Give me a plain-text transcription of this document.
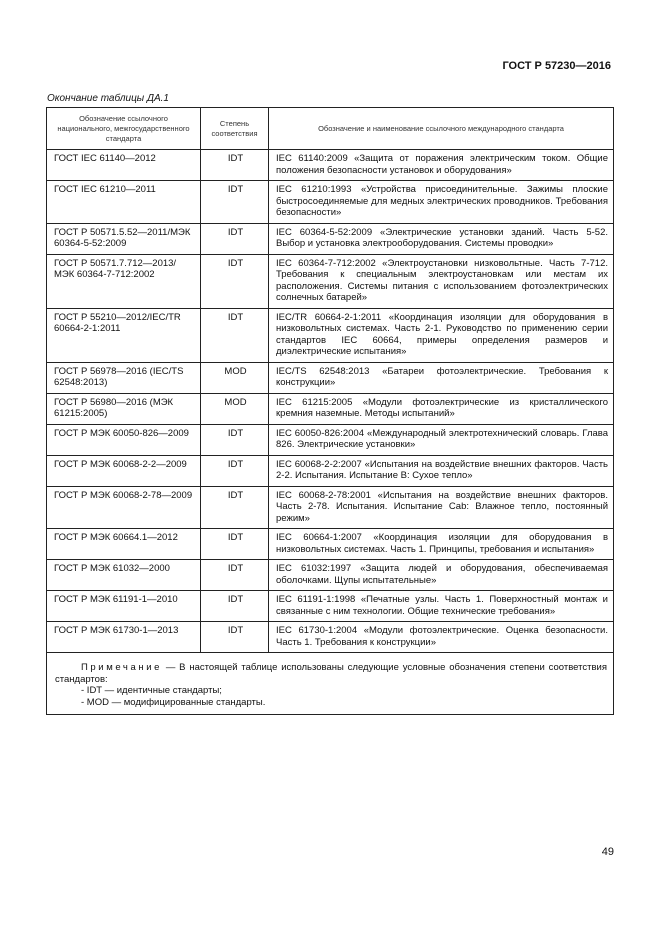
ГОСТ Р 57230—2016

Окончание таблицы ДА.1

Обозначение ссылочного национального, межгосударственного стандарта	Степень соответствия	Обозначение и наименование ссылочного международного стандарта
ГОСТ IEC 61140—2012	IDT	IEC 61140:2009 «Защита от поражения электрическим током. Общие положения безопасности установок и оборудования»
ГОСТ IEC 61210—2011	IDT	IEC 61210:1993 «Устройства присоединительные. Зажимы плоские быстросоединяемые для медных электрических проводников. Требования безопасности»
ГОСТ Р 50571.5.52—2011/МЭК 60364-5-52:2009	IDT	IEC 60364-5-52:2009 «Электрические установки зданий. Часть 5-52. Выбор и установка электрооборудования. Системы проводки»
ГОСТ Р 50571.7.712—2013/ МЭК 60364-7-712:2002	IDT	IEC 60364-7-712:2002 «Электроустановки низковольтные. Часть 7-712. Требования к специальным электроустановкам или местам их расположения. Системы питания с использованием фотоэлектрических солнечных батарей»
ГОСТ Р 55210—2012/IEC/TR 60664-2-1:2011	IDT	IEC/TR 60664-2-1:2011 «Координация изоляции для оборудования в низковольтных системах. Часть 2-1. Руководство по применению серии стандартов IEC 60664, примеры определения размеров и диэлектрические испытания»
ГОСТ Р 56978—2016 (IEC/TS 62548:2013)	MOD	IEC/TS 62548:2013 «Батареи фотоэлектрические. Требования к конструкции»
ГОСТ Р 56980—2016 (МЭК 61215:2005)	MOD	IEC 61215:2005 «Модули фотоэлектрические из кристаллического кремния наземные. Методы испытаний»
ГОСТ Р МЭК 60050-826—2009	IDT	IEC 60050-826:2004 «Международный электротехнический словарь. Глава 826. Электрические установки»
ГОСТ Р МЭК 60068-2-2—2009	IDT	IEC 60068-2-2:2007 «Испытания на воздействие внешних факторов. Часть 2-2. Испытания. Испытание В: Сухое тепло»
ГОСТ Р МЭК 60068-2-78—2009	IDT	IEC 60068-2-78:2001 «Испытания на воздействие внешних факторов. Часть 2-78. Испытания. Испытание Cab: Влажное тепло, постоянный режим»
ГОСТ Р МЭК 60664.1—2012	IDT	IEC 60664-1:2007 «Координация изоляции для оборудования в низковольтных системах. Часть 1. Принципы, требования и испытания»
ГОСТ Р МЭК 61032—2000	IDT	IEC 61032:1997 «Защита людей и оборудования, обеспечиваемая оболочками. Щупы испытательные»
ГОСТ Р МЭК 61191-1—2010	IDT	IEC 61191-1:1998 «Печатные узлы. Часть 1. Поверхностный монтаж и связанные с ним технологии. Общие технические требования»
ГОСТ Р МЭК 61730-1—2013	IDT	IEC 61730-1:2004 «Модули фотоэлектрические. Оценка безопасности. Часть 1. Требования к конструкции»

Примечание — В настоящей таблице использованы следующие условные обозначения степени соответствия стандартов:

- IDT — идентичные стандарты;

- MOD — модифицированные стандарты.		

49
